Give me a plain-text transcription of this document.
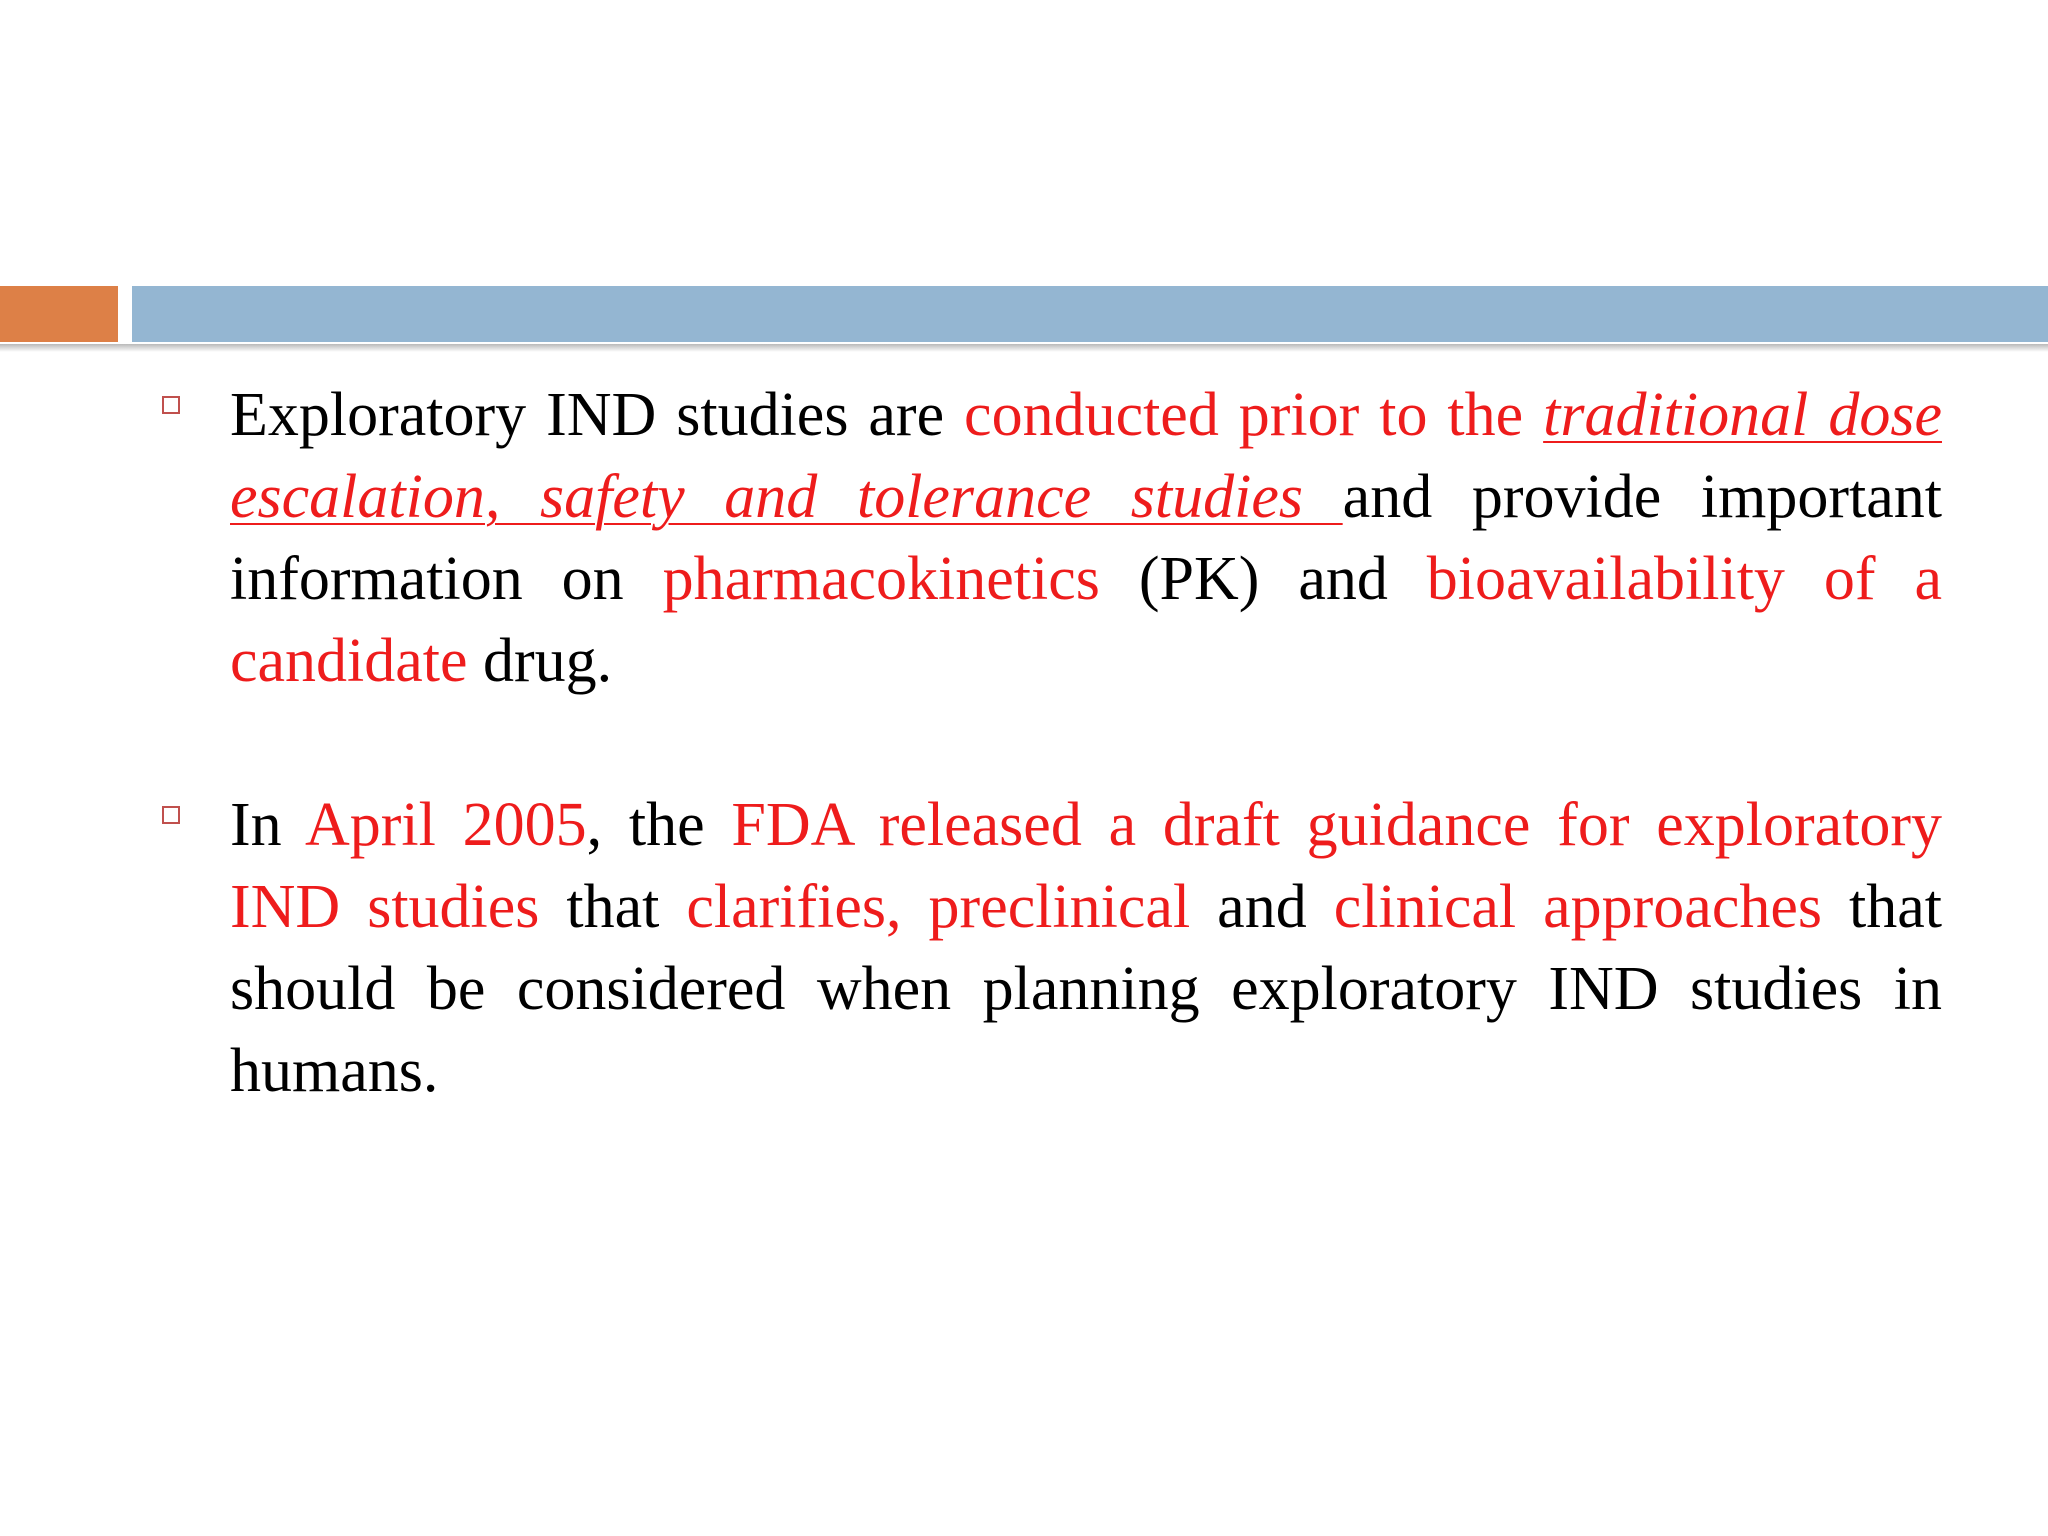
Exploratory IND studies are conducted prior to the traditional dose escalation, safety and tolerance studies and provide important information on pharmacokinetics (PK) and bioavailability of a candidate drug.

In April 2005, the FDA released a draft guidance for exploratory IND studies that clarifies, preclinical and clinical approaches that should be considered when planning exploratory IND studies in humans.
